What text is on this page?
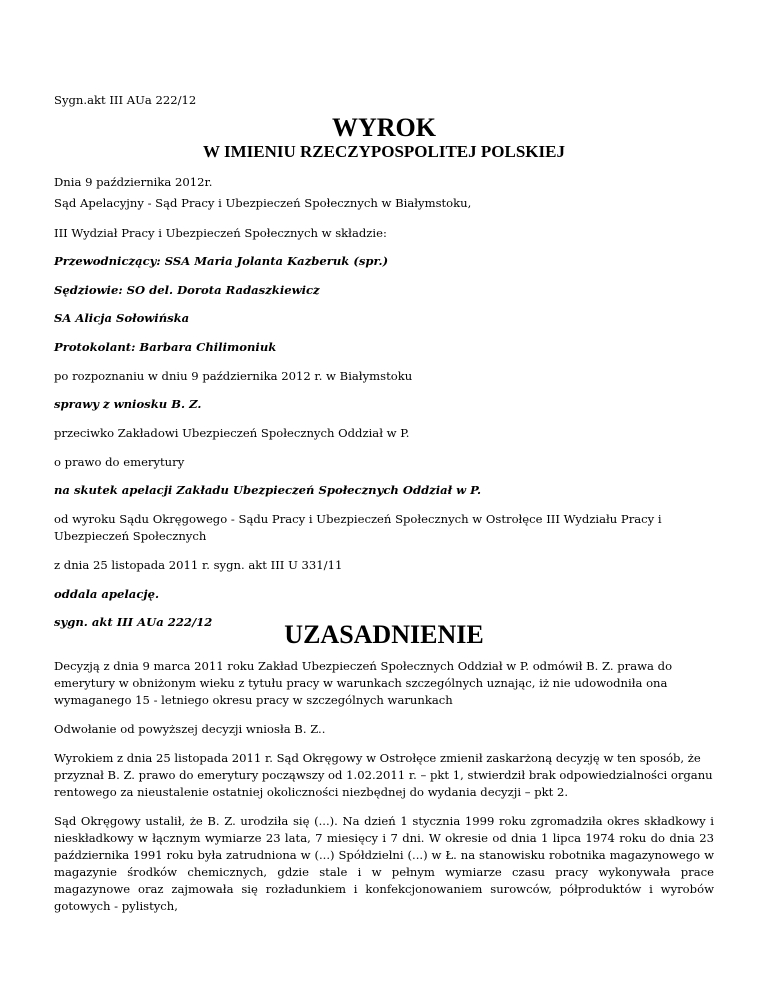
Sygn.akt III AUa 222/12

WYROK
W IMIENIU RZECZYPOSPOLITEJ POLSKIEJ

Dnia 9 października 2012r.

Sąd Apelacyjny - Sąd Pracy i Ubezpieczeń Społecznych w Białymstoku,

III Wydział Pracy i Ubezpieczeń Społecznych w składzie:

Przewodniczący: SSA Maria Jolanta Kazberuk (spr.)

Sędziowie: SO del. Dorota Radaszkiewicz

SA Alicja Sołowińska

Protokolant: Barbara Chilimoniuk

po rozpoznaniu w dniu 9 października 2012 r. w Białymstoku

sprawy z wniosku B. Z.

przeciwko Zakładowi Ubezpieczeń Społecznych Oddział w P.

o prawo do emerytury

na skutek apelacji Zakładu Ubezpieczeń Społecznych Oddział w P.

od wyroku Sądu Okręgowego - Sądu Pracy i Ubezpieczeń Społecznych w Ostrołęce III Wydziału Pracy i Ubezpieczeń Społecznych

z dnia 25 listopada 2011 r. sygn. akt III U 331/11

oddala apelację.

sygn. akt III AUa 222/12	UZASADNIENIE

Decyzją z dnia 9 marca 2011 roku Zakład Ubezpieczeń Społecznych Oddział w P. odmówił B. Z. prawa do emerytury w obniżonym wieku z tytułu pracy w warunkach szczególnych uznając, iż nie udowodniła ona wymaganego 15 - letniego okresu pracy w szczególnych warunkach

Odwołanie od powyższej decyzji wniosła B. Z..

Wyrokiem z dnia 25 listopada 2011 r. Sąd Okręgowy w Ostrołęce zmienił zaskarżoną decyzję w ten sposób, że przyznał B. Z. prawo do emerytury począwszy od 1.02.2011 r. – pkt 1, stwierdził brak odpowiedzialności organu rentowego za nieustalenie ostatniej okoliczności niezbędnej do wydania decyzji – pkt 2.

Sąd Okręgowy ustalił, że B. Z. urodziła się (...). Na dzień 1 stycznia 1999 roku zgromadziła okres składkowy i nieskładkowy w łącznym wymiarze 23 lata, 7 miesięcy i 7 dni. W okresie od dnia 1 lipca 1974 roku do dnia 23 października 1991 roku była zatrudniona w (...) Spółdzielni (...) w Ł. na stanowisku robotnika magazynowego w magazynie środków chemicznych, gdzie stale i w pełnym wymiarze czasu pracy wykonywała prace magazynowe oraz zajmowała się rozładunkiem i konfekcjonowaniem surowców, półproduktów i wyrobów gotowych - pylistych,
